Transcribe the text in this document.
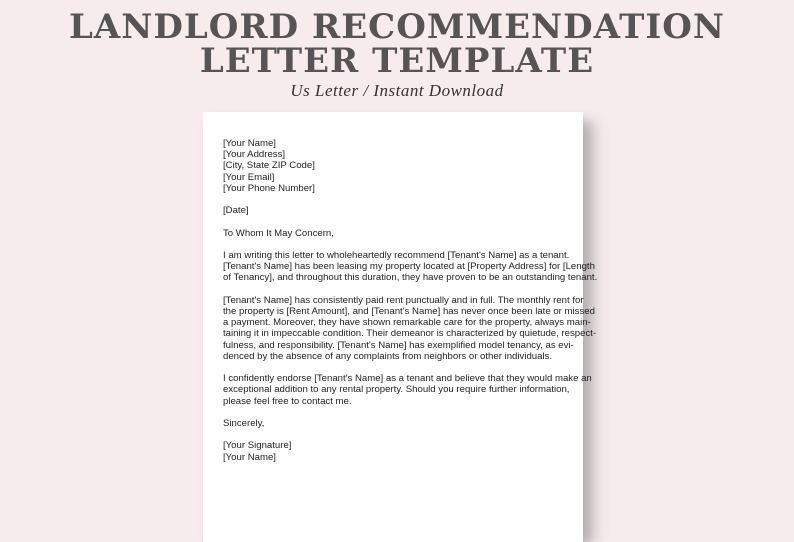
LANDLORD RECOMMENDATION
LETTER TEMPLATE
Us Letter / Instant Download
[Your Name]
[Your Address]
[City, State ZIP Code]
[Your Email]
[Your Phone Number]
[Date]
To Whom It May Concern,
I am writing this letter to wholeheartedly recommend [Tenant's Name] as a tenant.
[Tenant's Name] has been leasing my property located at [Property Address] for [Length
of Tenancy], and throughout this duration, they have proven to be an outstanding tenant.
[Tenant's Name] has consistently paid rent punctually and in full. The monthly rent for
the property is [Rent Amount], and [Tenant's Name] has never once been late or missed
a payment. Moreover, they have shown remarkable care for the property, always main-
taining it in impeccable condition. Their demeanor is characterized by quietude, respect-
fulness, and responsibility. [Tenant's Name] has exemplified model tenancy, as evi-
denced by the absence of any complaints from neighbors or other individuals.
I confidently endorse [Tenant's Name] as a tenant and believe that they would make an
exceptional addition to any rental property. Should you require further information,
please feel free to contact me.
Sincerely,
[Your Signature]
[Your Name]
